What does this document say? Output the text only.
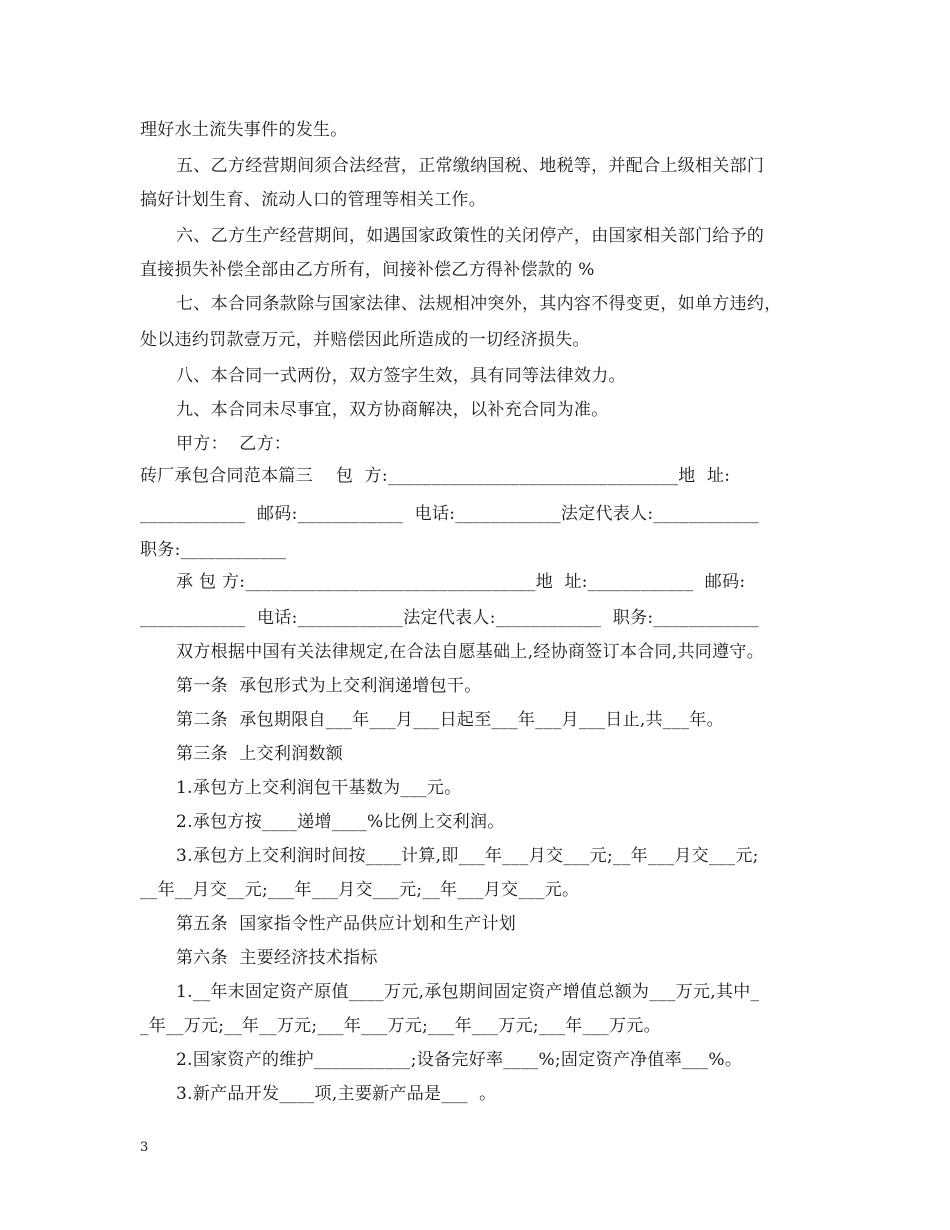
理好水土流失事件的发生。
五、乙方经营期间须合法经营，正常缴纳国税、地税等，并配合上级相关部门
搞好计划生育、流动人口的管理等相关工作。
六、乙方生产经营期间，如遇国家政策性的关闭停产，由国家相关部门给予的
直接损失补偿全部由乙方所有，间接补偿乙方得补偿款的 %
七、本合同条款除与国家法律、法规相冲突外，其内容不得变更，如单方违约，
处以违约罚款壹万元，并赔偿因此所造成的一切经济损失。
八、本合同一式两份，双方签字生效，具有同等法律效力。
九、本合同未尽事宜，双方协商解决，以补充合同为准。
甲方：  乙方：
砖厂承包合同范本篇三    包  方:_________________________________地  址:
____________  邮码:____________  电话:____________法定代表人:____________
职务:____________
承 包 方:_________________________________地  址:____________  邮码:
____________  电话:____________法定代表人:____________  职务:____________
双方根据中国有关法律规定,在合法自愿基础上,经协商签订本合同,共同遵守。
第一条  承包形式为上交利润递增包干。
第二条  承包期限自___年___月___日起至___年___月___日止,共___年。
第三条  上交利润数额
1.承包方上交利润包干基数为___元。
2.承包方按____递增____%比例上交利润。
3.承包方上交利润时间按____计算,即___年___月交___元;__年___月交___元;
__年__月交__元;___年___月交___元;__年___月交___元。
第五条  国家指令性产品供应计划和生产计划
第六条  主要经济技术指标
1.__年末固定资产原值____万元,承包期间固定资产增值总额为___万元,其中_
_年__万元;__年__万元;___年___万元;___年___万元;___年___万元。
2.国家资产的维护___________;设备完好率____%;固定资产净值率___%。
3.新产品开发____项,主要新产品是___  。
3
